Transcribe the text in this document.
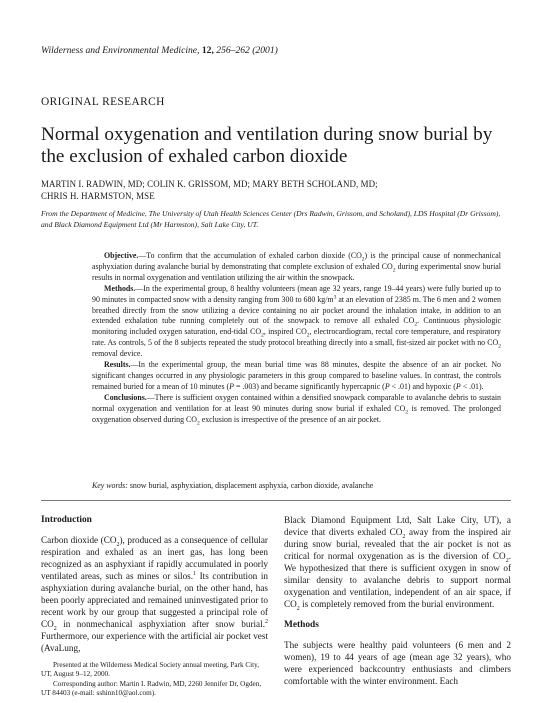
Wilderness and Environmental Medicine, 12, 256–262 (2001)
ORIGINAL RESEARCH
Normal oxygenation and ventilation during snow burial by the exclusion of exhaled carbon dioxide
MARTIN I. RADWIN, MD; COLIN K. GRISSOM, MD; MARY BETH SCHOLAND, MD;
CHRIS H. HARMSTON, MSE
From the Department of Medicine, The University of Utah Health Sciences Center (Drs Radwin, Grissom, and Scholand), LDS Hospital (Dr Grissom), and Black Diamond Equipment Ltd (Mr Harmston), Salt Lake City, UT.

Objective.—To confirm that the accumulation of exhaled carbon dioxide $(CO_2)$ is the principal cause of nonmechanical asphyxiation during avalanche burial by demonstrating that complete exclusion of exhaled $CO_2$ during experimental snow burial results in normal oxygenation and ventilation utilizing the air within the snowpack.

Methods.—In the experimental group, 8 healthy volunteers (mean age 32 years, range 19–44 years) were fully buried up to 90 minutes in compacted snow with a density ranging from 300 to 680 $kg/m^3$ at an elevation of 2385 m. The 6 men and 2 women breathed directly from the snow utilizing a device containing no air pocket around the inhalation intake, in addition to an extended exhalation tube running completely out of the snowpack to remove all exhaled $CO_2$. Continuous physiologic monitoring included oxygen saturation, end-tidal $CO_2$, inspired $CO_2$, electrocardiogram, rectal core temperature, and respiratory rate. As controls, 5 of the 8 subjects repeated the study protocol breathing directly into a small, fist-sized air pocket with no $CO_2$ removal device.

Results.—In the experimental group, the mean burial time was 88 minutes, despite the absence of an air pocket. No significant changes occurred in any physiologic parameters in this group compared to baseline values. In contrast, the controls remained buried for a mean of 10 minutes (P = .003) and became significantly hypercapnic (P < .01) and hypoxic (P < .01).

Conclusions.—There is sufficient oxygen contained within a densified snowpack comparable to avalanche debris to sustain normal oxygenation and ventilation for at least 90 minutes during snow burial if exhaled $CO_2$ is removed. The prolonged oxygenation observed during $CO_2$ exclusion is irrespective of the presence of an air pocket.

Key words: snow burial, asphyxiation, displacement asphyxia, carbon dioxide, avalanche
Introduction

Carbon dioxide $(CO_2)$, produced as a consequence of cellular respiration and exhaled as an inert gas, has long been recognized as an asphyxiant if rapidly accumulated in poorly ventilated areas, such as mines or silos.$^1$ Its contribution in asphyxiation during avalanche burial, on the other hand, has been poorly appreciated and remained uninvestigated prior to recent work by our group that suggested a principal role of $CO_2$ in nonmechanical asphyxiation after snow burial.$^2$ Furthermore, our experience with the artificial air pocket vest (AvaLung,

Presented at the Wilderness Medical Society annual meeting, Park City, UT, August 9–12, 2000.

Corresponding author: Martin I. Radwin, MD, 2260 Jennifer Dr, Ogden, UT 84403 (e-mail: sshinn10@aol.com).

Black Diamond Equipment Ltd, Salt Lake City, UT), a device that diverts exhaled $CO_2$ away from the inspired air during snow burial, revealed that the air pocket is not as critical for normal oxygenation as is the diversion of $CO_2$. We hypothesized that there is sufficient oxygen in snow of similar density to avalanche debris to support normal oxygenation and ventilation, independent of an air space, if $CO_2$ is completely removed from the burial environment.

Methods

The subjects were healthy paid volunteers (6 men and 2 women), 19 to 44 years of age (mean age 32 years), who were experienced backcountry enthusiasts and climbers comfortable with the winter environment. Each
